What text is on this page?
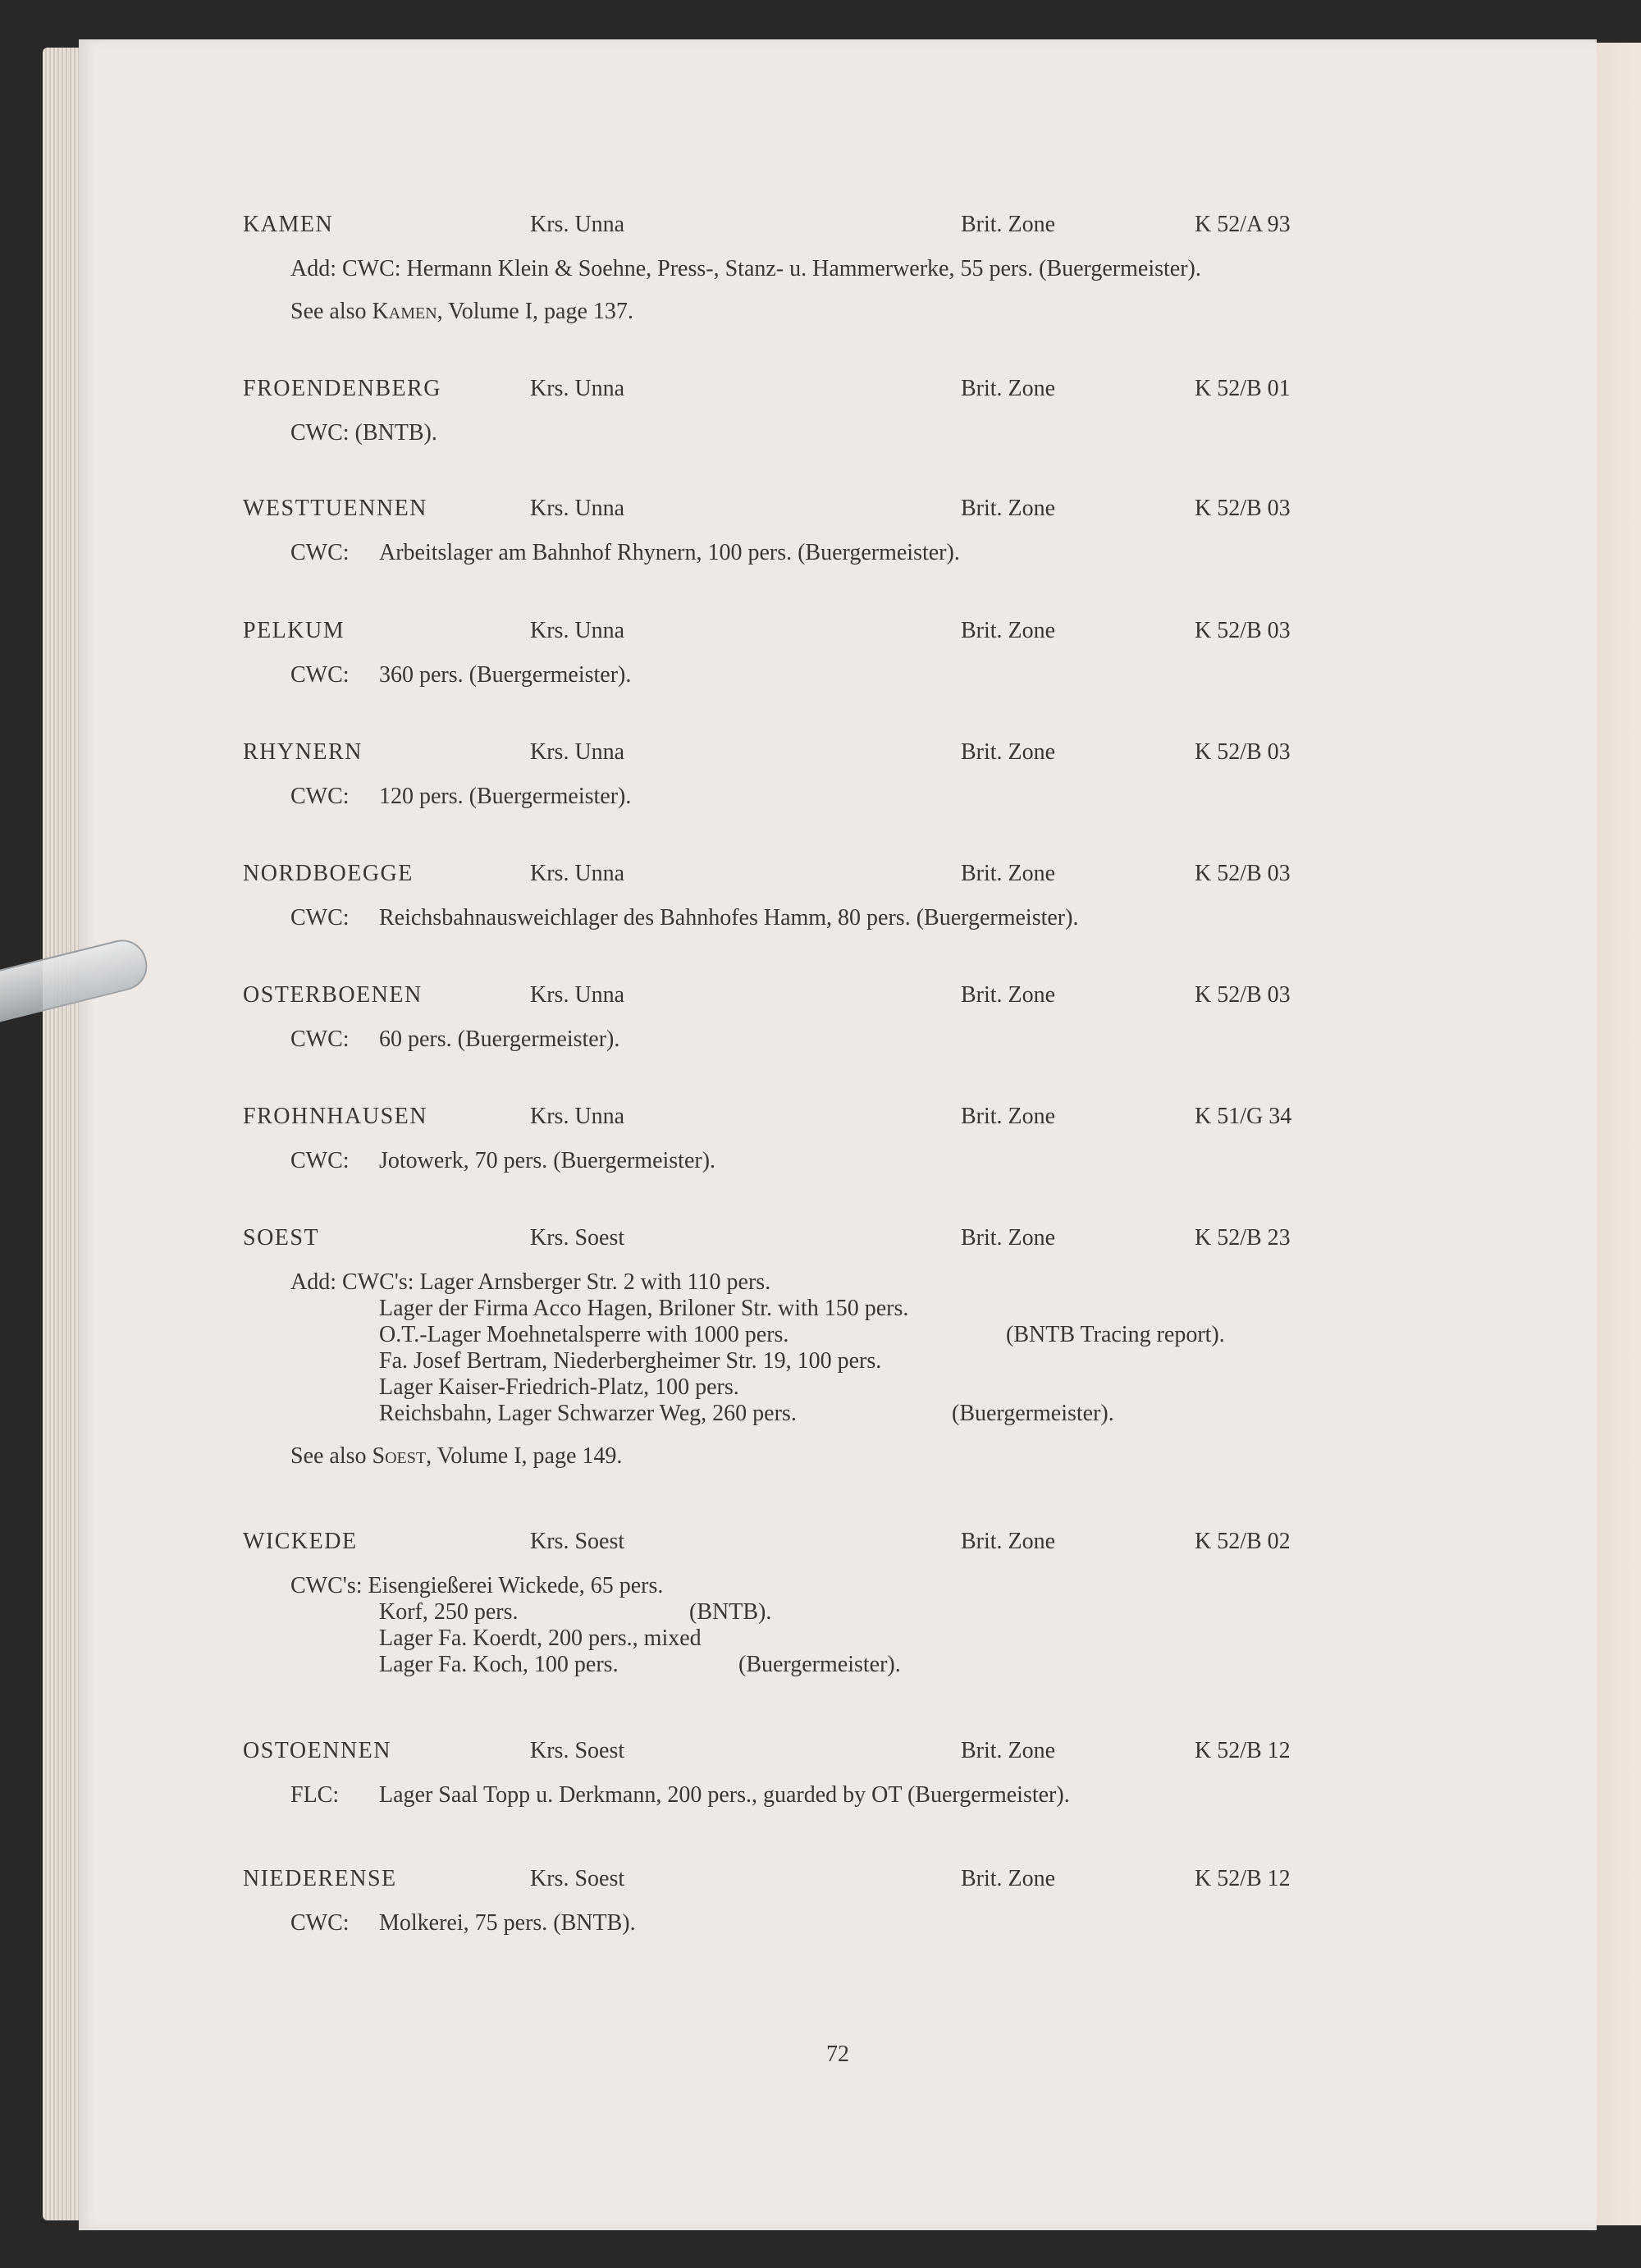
KAMEN	Krs. Unna	Brit. Zone	K 52/A 93
Add: CWC: Hermann Klein & Soehne, Press-, Stanz- u. Hammerwerke, 55 pers. (Buergermeister).
See also Kamen, Volume I, page 137.
FROENDENBERG	Krs. Unna	Brit. Zone	K 52/B 01
CWC: (BNTB).
WESTTUENNEN	Krs. Unna	Brit. Zone	K 52/B 03
CWC: Arbeitslager am Bahnhof Rhynern, 100 pers. (Buergermeister).
PELKUM	Krs. Unna	Brit. Zone	K 52/B 03
CWC: 360 pers. (Buergermeister).
RHYNERN	Krs. Unna	Brit. Zone	K 52/B 03
CWC: 120 pers. (Buergermeister).
NORDBOEGGE	Krs. Unna	Brit. Zone	K 52/B 03
CWC: Reichsbahnausweichlager des Bahnhofes Hamm, 80 pers. (Buergermeister).
OSTERBOENEN	Krs. Unna	Brit. Zone	K 52/B 03
CWC: 60 pers. (Buergermeister).
FROHNHAUSEN	Krs. Unna	Brit. Zone	K 51/G 34
CWC: Jotowerk, 70 pers. (Buergermeister).
SOEST	Krs. Soest	Brit. Zone	K 52/B 23
Add: CWC's: Lager Arnsberger Str. 2 with 110 pers.
Lager der Firma Acco Hagen, Briloner Str. with 150 pers.
O.T.-Lager Moehnetalsperre with 1000 pers.	(BNTB Tracing report).
Fa. Josef Bertram, Niederbergheimer Str. 19, 100 pers.
Lager Kaiser-Friedrich-Platz, 100 pers.
Reichsbahn, Lager Schwarzer Weg, 260 pers.	(Buergermeister).
See also Soest, Volume I, page 149.
WICKEDE	Krs. Soest	Brit. Zone	K 52/B 02
CWC's: Eisengießerei Wickede, 65 pers.
Korf, 250 pers.	(BNTB).
Lager Fa. Koerdt, 200 pers., mixed
Lager Fa. Koch, 100 pers.	(Buergermeister).
OSTOENNEN	Krs. Soest	Brit. Zone	K 52/B 12
FLC: Lager Saal Topp u. Derkmann, 200 pers., guarded by OT (Buergermeister).
NIEDERENSE	Krs. Soest	Brit. Zone	K 52/B 12
CWC: Molkerei, 75 pers. (BNTB).
72
